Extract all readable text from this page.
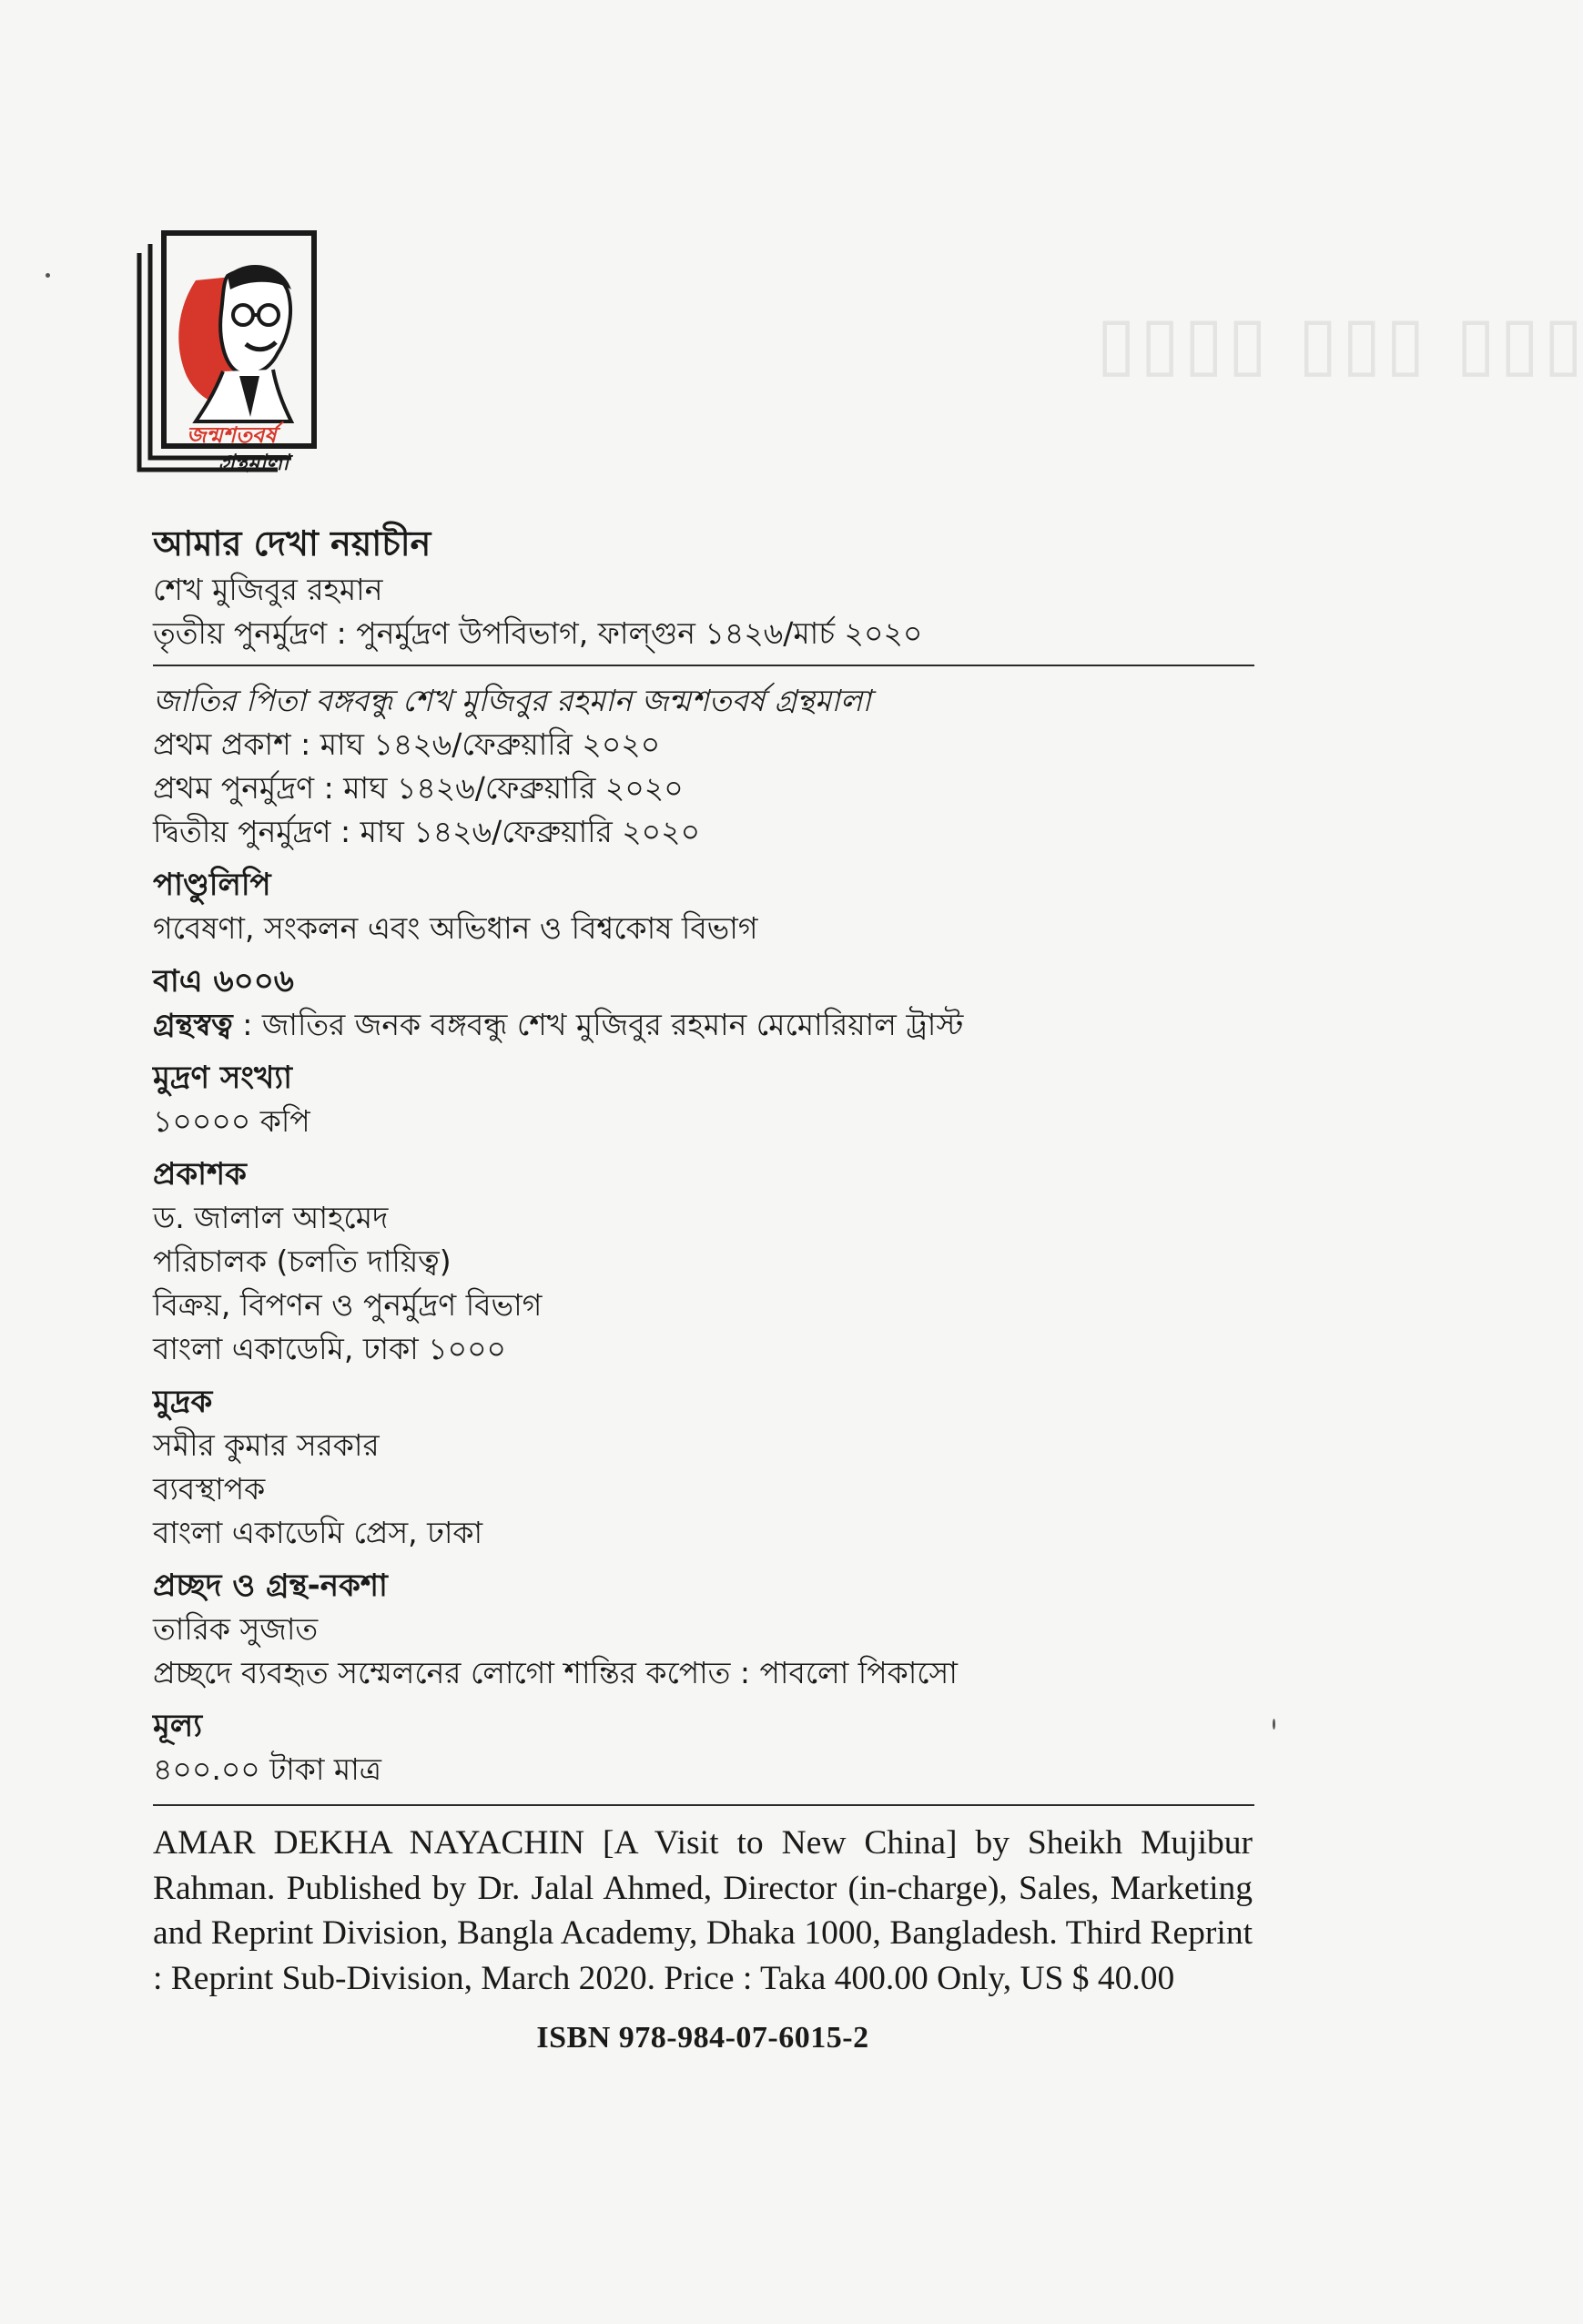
▯▯▯ ▯▯▯ ▯▯▯▯
জন্মশতবর্ষ
গ্রন্থমালা
আমার দেখা নয়াচীন
শেখ মুজিবুর রহমান
তৃতীয় পুনর্মুদ্রণ : পুনর্মুদ্রণ উপবিভাগ, ফাল্গুন ১৪২৬/মার্চ ২০২০
জাতির পিতা বঙ্গবন্ধু শেখ মুজিবুর রহমান জন্মশতবর্ষ গ্রন্থমালা
প্রথম প্রকাশ : মাঘ ১৪২৬/ফেব্রুয়ারি ২০২০
প্রথম পুনর্মুদ্রণ : মাঘ ১৪২৬/ফেব্রুয়ারি ২০২০
দ্বিতীয় পুনর্মুদ্রণ : মাঘ ১৪২৬/ফেব্রুয়ারি ২০২০
পাণ্ডুলিপি
গবেষণা, সংকলন এবং অভিধান ও বিশ্বকোষ বিভাগ
বাএ ৬০০৬
গ্রন্থস্বত্ব : জাতির জনক বঙ্গবন্ধু শেখ মুজিবুর রহমান মেমোরিয়াল ট্রাস্ট
মুদ্রণ সংখ্যা
১০০০০ কপি
প্রকাশক
ড. জালাল আহমেদ
পরিচালক (চলতি দায়িত্ব)
বিক্রয়, বিপণন ও পুনর্মুদ্রণ বিভাগ
বাংলা একাডেমি, ঢাকা ১০০০
মুদ্রক
সমীর কুমার সরকার
ব্যবস্থাপক
বাংলা একাডেমি প্রেস, ঢাকা
প্রচ্ছদ ও গ্রন্থ-নকশা
তারিক সুজাত
প্রচ্ছদে ব্যবহৃত সম্মেলনের লোগো শান্তির কপোত : পাবলো পিকাসো
মূল্য
৪০০.০০ টাকা মাত্র
AMAR DEKHA NAYACHIN [A Visit to New China] by Sheikh Mujibur Rahman. Published by Dr. Jalal Ahmed, Director (in-charge), Sales, Marketing and Reprint Division, Bangla Academy, Dhaka 1000, Bangladesh. Third Reprint : Reprint Sub-Division, March 2020. Price : Taka 400.00 Only, US $ 40.00
ISBN 978-984-07-6015-2
